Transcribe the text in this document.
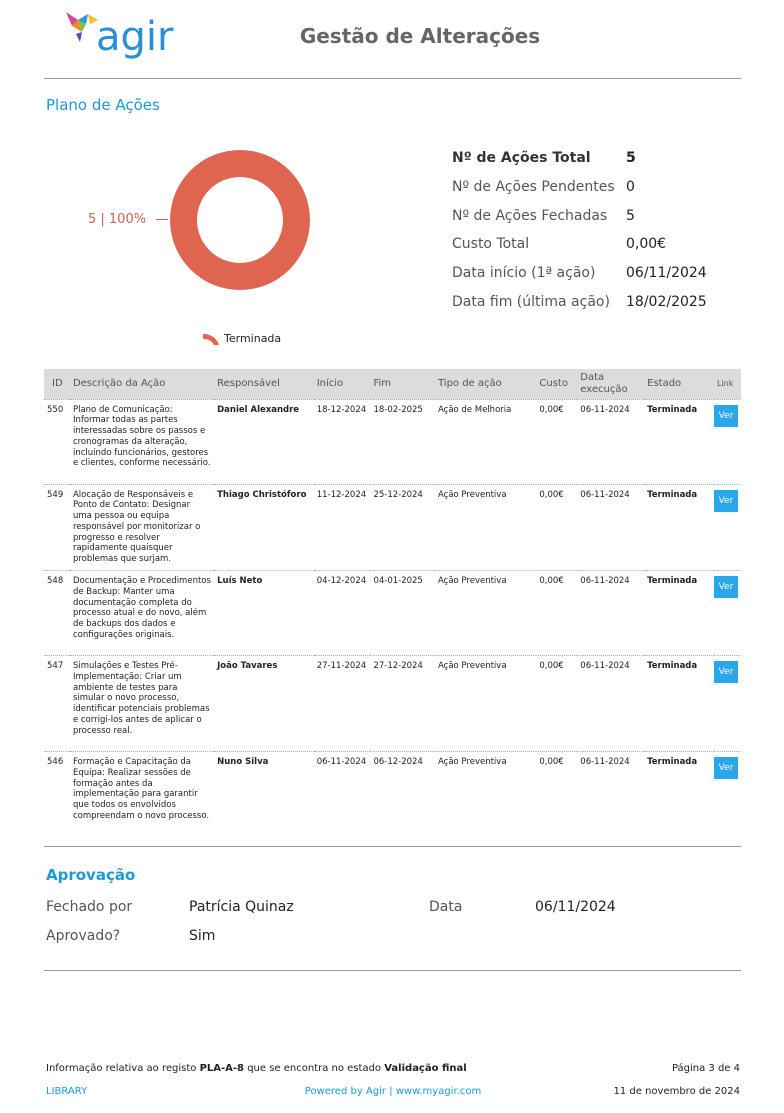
agir	Gestão de Alterações
Plano de Ações
5 | 100%
Terminada
Nº de Ações Total	5
Nº de Ações Pendentes 0
Nº de Ações Fechadas 5
Custo Total	0,00€
Data início (1ª ação) 06/11/2024
Data fim (última ação) 18/02/2025
ID	Descrição da Ação	Responsável	Início	Fim	Tipo de ação	Custo	Data execução	Estado	Link
550	Plano de Comunicação: Informar todas as partes interessadas sobre os passos e cronogramas da alteração, incluindo funcionários, gestores e clientes, conforme necessário.	Daniel Alexandre	18-12-2024	18-02-2025	Ação de Melhoria	0,00€	06-11-2024	Terminada	Ver
549	Alocação de Responsáveis e Ponto de Contato: Designar uma pessoa ou equipa responsável por monitorizar o progresso e resolver rapidamente quaisquer problemas que surjam.	Thiago Christóforo	11-12-2024	25-12-2024	Ação Preventiva	0,00€	06-11-2024	Terminada	Ver
548	Documentação e Procedimentos de Backup: Manter uma documentação completa do processo atual e do novo, além de backups dos dados e configurações originais.	Luís Neto	04-12-2024	04-01-2025	Ação Preventiva	0,00€	06-11-2024	Terminada	Ver
547	Simulações e Testes Pré-Implementação: Criar um ambiente de testes para simular o novo processo, identificar potenciais problemas e corrigi-los antes de aplicar o processo real.	João Tavares	27-11-2024	27-12-2024	Ação Preventiva	0,00€	06-11-2024	Terminada	Ver
546	Formação e Capacitação da Equipa: Realizar sessões de formação antes da implementação para garantir que todos os envolvidos compreendam o novo processo.	Nuno Silva	06-11-2024	06-12-2024	Ação Preventiva	0,00€	06-11-2024	Terminada	Ver
Aprovação
Fechado por	Patrícia Quinaz	Data	06/11/2024
Aprovado?	Sim
Informação relativa ao registo PLA-A-8 que se encontra no estado Validação final	Página 3 de 4
LIBRARY	Powered by Agir | www.myagir.com	11 de novembro de 2024
